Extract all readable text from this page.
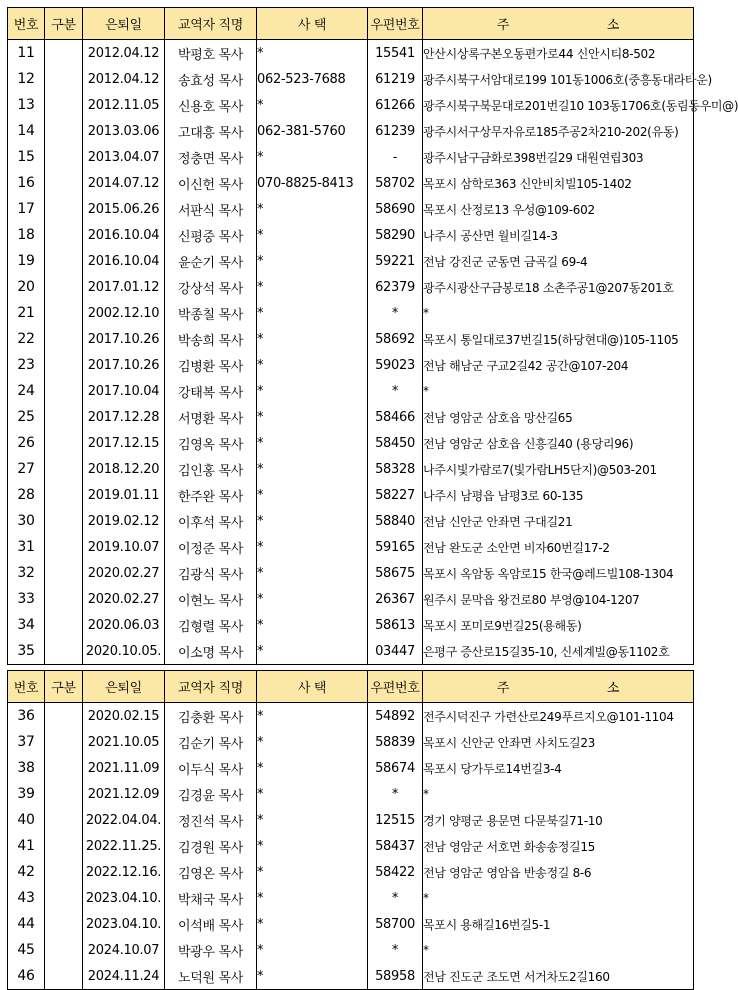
번호	구분	은퇴일	교역자 직명	사 택	우편번호	주 소
11		2012.04.12	박평호 목사	*	15541	안산시상록구본오동편가로44 신안시티8-502
12		2012.04.12	송효성 목사	062-523-7688	61219	광주시북구서암대로199 101동1006호(중흥동대라타운)
13		2012.11.05	신용호 목사	*	61266	광주시북구북문대로201번길10 103동1706호(동림동우미@)
14		2013.03.06	고대흥 목사	062-381-5760	61239	광주시서구상무자유로185주공2차210-202(유동)
15		2013.04.07	정충면 목사	*	-	광주시남구금화로398번길29 대원연립303
16		2014.07.12	이신헌 목사	070-8825-8413	58702	목포시 삼학로363 신안비치빌105-1402
17		2015.06.26	서판식 목사	*	58690	목포시 산정로13 우성@109-602
18		2016.10.04	신평중 목사	*	58290	나주시 공산면 월비길14-3
19		2016.10.04	윤순기 목사	*	59221	전남 강진군 군동면 금곡길 69-4
20		2017.01.12	강상석 목사	*	62379	광주시광산구금봉로18 소촌주공1@207동201호
21		2002.12.10	박종칠 목사	*	*	*
22		2017.10.26	박송희 목사	*	58692	목포시 통일대로37번길15(하당현대@)105-1105
23		2017.10.26	김병환 목사	*	59023	전남 해남군 구교2길42 공간@107-204
24		2017.10.04	강태복 목사	*	*	*
25		2017.12.28	서명환 목사	*	58466	전남 영암군 삼호읍 망산길65
26		2017.12.15	김영옥 목사	*	58450	전남 영암군 삼호읍 신흥길40 (용당리96)
27		2018.12.20	김인홍 목사	*	58328	나주시빛가람로7(빛가람LH5단지)@503-201
28		2019.01.11	한주완 목사	*	58227	나주시 남평읍 남평3로 60-135
30		2019.02.12	이후석 목사	*	58840	전남 신안군 안좌면 구대길21
31		2019.10.07	이정준 목사	*	59165	전남 완도군 소안면 비자60번길17-2
32		2020.02.27	김광식 목사	*	58675	목포시 옥암동 옥암로15 한국@레드빌108-1304
33		2020.02.27	이현노 목사	*	26367	원주시 문막읍 왕건로80 부영@104-1207
34		2020.06.03	김형렬 목사	*	58613	목포시 포미로9번길25(용해동)
35		2020.10.05.	이소명 목사	*	03447	은평구 증산로15길35-10, 신세계빌@동1102호
번호	구분	은퇴일	교역자 직명	사 택	우편번호	주 소
36		2020.02.15	김충환 목사	*	54892	전주시덕진구 가련산로249푸르지오@101-1104
37		2021.10.05	김순기 목사	*	58839	목포시 신안군 안좌면 사치도길23
38		2021.11.09	이두식 목사	*	58674	목포시 당가두로14번길3-4
39		2021.12.09	김경윤 목사	*	*	*
40		2022.04.04.	정진석 목사	*	12515	경기 양평군 용문면 다문북길71-10
41		2022.11.25.	김경원 목사	*	58437	전남 영암군 서호면 화송송정길15
42		2022.12.16.	김영온 목사	*	58422	전남 영암군 영암읍 반송정길 8-6
43		2023.04.10.	박채국 목사	*	*	*
44		2023.04.10.	이석배 목사	*	58700	목포시 용해길16번길5-1
45		2024.10.07	박광우 목사	*	*	*
46		2024.11.24	노덕원 목사	*	58958	전남 진도군 조도면 서거차도2길160
